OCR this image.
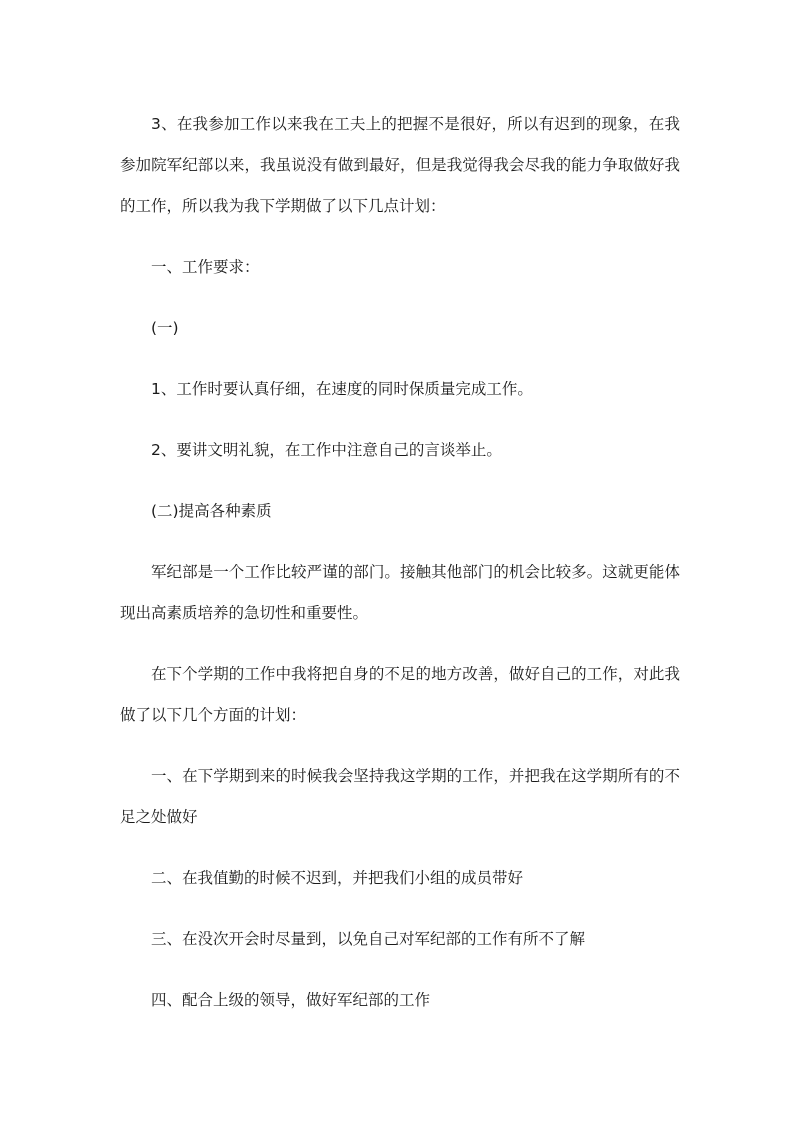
3、在我参加工作以来我在工夫上的把握不是很好，所以有迟到的现象，在我参加院军纪部以来，我虽说没有做到最好，但是我觉得我会尽我的能力争取做好我的工作，所以我为我下学期做了以下几点计划：

一、工作要求：

(一)

1、工作时要认真仔细，在速度的同时保质量完成工作。

2、要讲文明礼貌，在工作中注意自己的言谈举止。

(二)提高各种素质

军纪部是一个工作比较严谨的部门。接触其他部门的机会比较多。这就更能体现出高素质培养的急切性和重要性。

在下个学期的工作中我将把自身的不足的地方改善，做好自己的工作，对此我做了以下几个方面的计划：

一、在下学期到来的时候我会坚持我这学期的工作，并把我在这学期所有的不足之处做好

二、在我值勤的时候不迟到，并把我们小组的成员带好

三、在没次开会时尽量到，以免自己对军纪部的工作有所不了解

四、配合上级的领导，做好军纪部的工作
